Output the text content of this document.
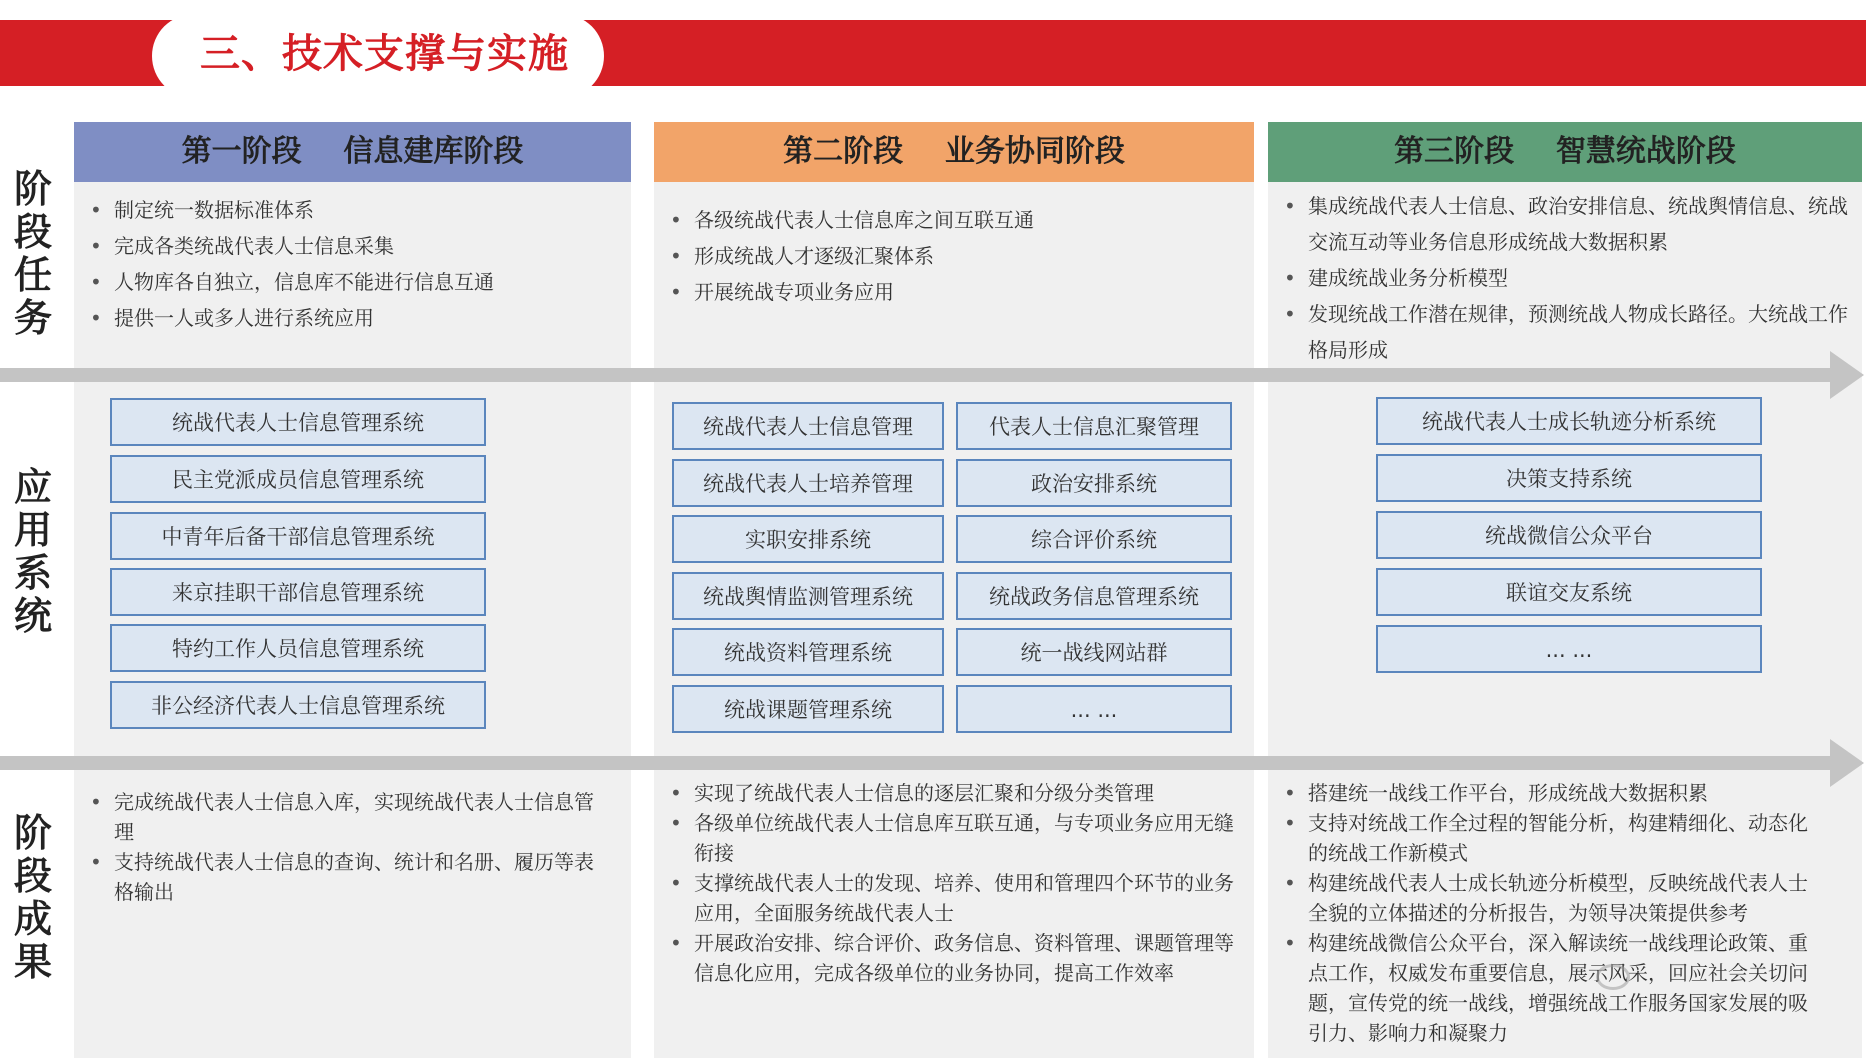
三、技术支撑与实施
第一阶段    信息建库阶段	第二阶段    业务协同阶段	第三阶段    智慧统战阶段
阶
段
任
务
应
用
系
统
阶
段
成
果
• 制定统一数据标准体系
• 完成各类统战代表人士信息采集
• 人物库各自独立，信息库不能进行信息互通
• 提供一人或多人进行系统应用
• 各级统战代表人士信息库之间互联互通
• 形成统战人才逐级汇聚体系
• 开展统战专项业务应用
• 集成统战代表人士信息、政治安排信息、统战舆情信息、统战交流互动等业务信息形成统战大数据积累
• 建成统战业务分析模型
• 发现统战工作潜在规律，预测统战人物成长路径。大统战工作格局形成
统战代表人士信息管理系统
民主党派成员信息管理系统
中青年后备干部信息管理系统
来京挂职干部信息管理系统
特约工作人员信息管理系统
非公经济代表人士信息管理系统
统战代表人士信息管理
统战代表人士培养管理
实职安排系统
统战舆情监测管理系统
统战资料管理系统
统战课题管理系统
代表人士信息汇聚管理
政治安排系统
综合评价系统
统战政务信息管理系统
统一战线网站群
... ...
统战代表人士成长轨迹分析系统
决策支持系统
统战微信公众平台
联谊交友系统
... ...
• 完成统战代表人士信息入库，实现统战代表人士信息管理
• 支持统战代表人士信息的查询、统计和名册、履历等表格输出
• 实现了统战代表人士信息的逐层汇聚和分级分类管理
• 各级单位统战代表人士信息库互联互通，与专项业务应用无缝衔接
• 支撑统战代表人士的发现、培养、使用和管理四个环节的业务应用，全面服务统战代表人士
• 开展政治安排、综合评价、政务信息、资料管理、课题管理等信息化应用，完成各级单位的业务协同，提高工作效率
• 搭建统一战线工作平台，形成统战大数据积累
• 支持对统战工作全过程的智能分析，构建精细化、动态化的统战工作新模式
• 构建统战代表人士成长轨迹分析模型，反映统战代表人士全貌的立体描述的分析报告，为领导决策提供参考
• 构建统战微信公众平台，深入解读统一战线理论政策、重点工作，权威发布重要信息，展示风采，回应社会关切问题，宣传党的统一战线，增强统战工作服务国家发展的吸引力、影响力和凝聚力
